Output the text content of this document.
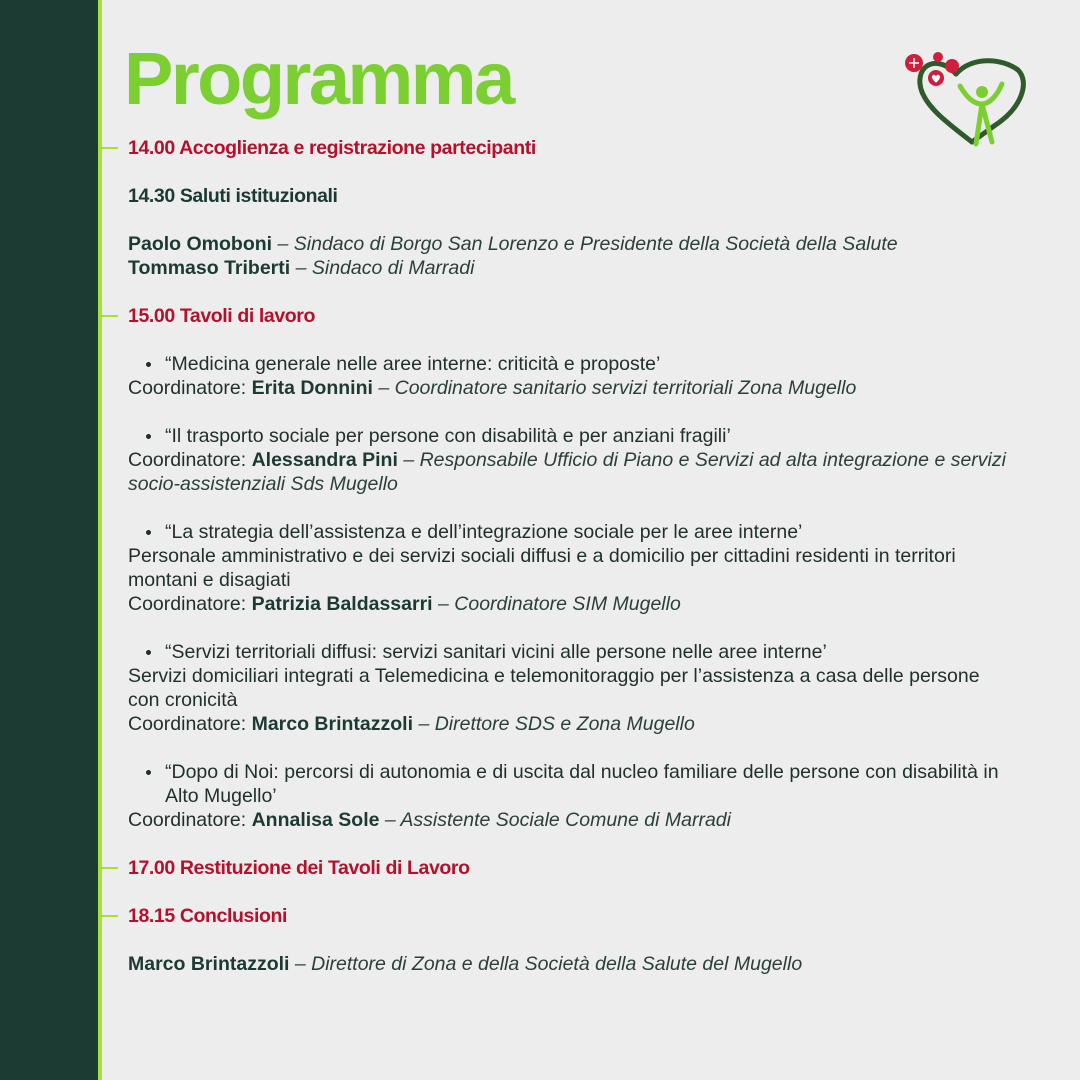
Programma
14.00 Accoglienza e registrazione partecipanti
14.30 Saluti istituzionali
Paolo Omoboni – Sindaco di Borgo San Lorenzo e Presidente della Società della Salute
Tommaso Triberti – Sindaco di Marradi
15.00 Tavoli di lavoro
“Medicina generale nelle aree interne: criticità e proposte’
Coordinatore: Erita Donnini – Coordinatore sanitario servizi territoriali Zona Mugello
“Il trasporto sociale per persone con disabilità e per anziani fragili’
Coordinatore: Alessandra Pini – Responsabile Ufficio di Piano e Servizi ad alta integrazione e servizi socio-assistenziali Sds Mugello
“La strategia dell’assistenza e dell’integrazione sociale per le aree interne’
Personale amministrativo e dei servizi sociali diffusi e a domicilio per cittadini residenti in territori montani e disagiati
Coordinatore: Patrizia Baldassarri – Coordinatore SIM Mugello
“Servizi territoriali diffusi: servizi sanitari vicini alle persone nelle aree interne’
Servizi domiciliari integrati a Telemedicina e telemonitoraggio per l’assistenza a casa delle persone con cronicità
Coordinatore: Marco Brintazzoli – Direttore SDS e Zona Mugello
“Dopo di Noi: percorsi di autonomia e di uscita dal nucleo familiare delle persone con disabilità in Alto Mugello’
Coordinatore: Annalisa Sole – Assistente Sociale Comune di Marradi
17.00 Restituzione dei Tavoli di Lavoro
18.15 Conclusioni
Marco Brintazzoli – Direttore di Zona e della Società della Salute del Mugello
